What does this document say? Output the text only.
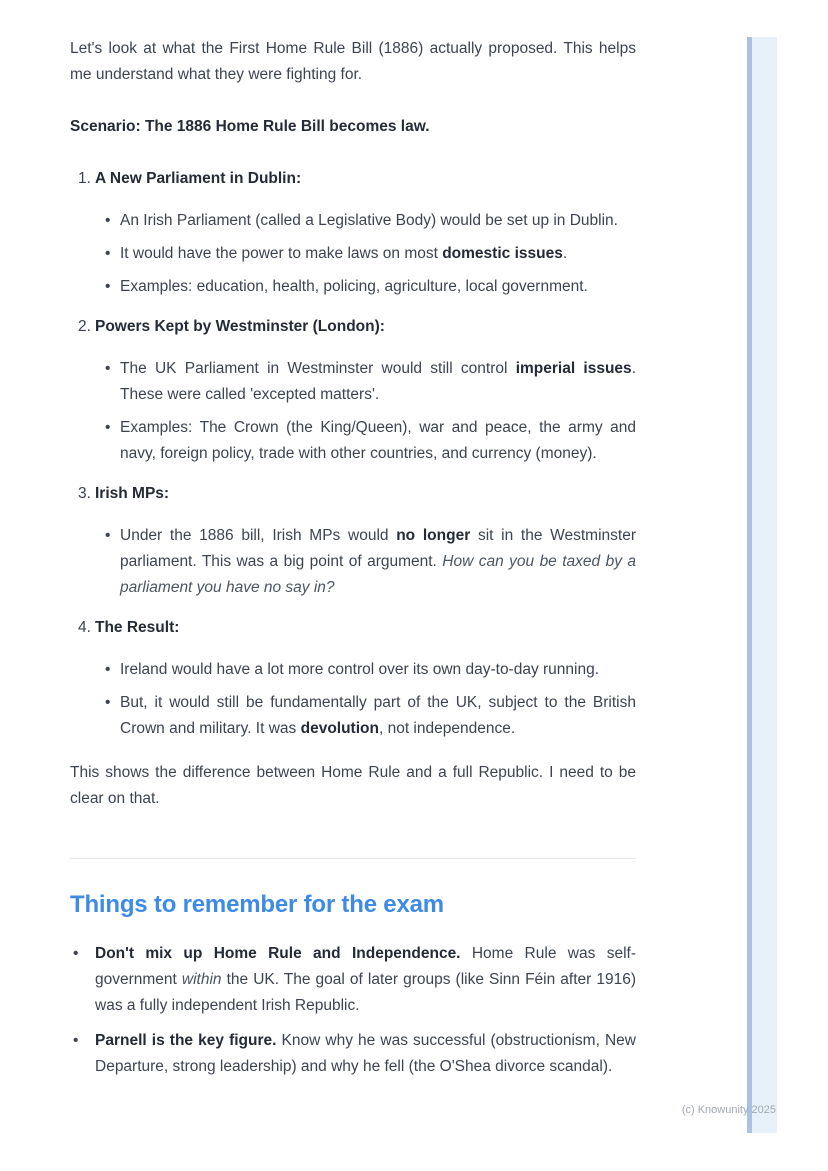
Let's look at what the First Home Rule Bill (1886) actually proposed. This helps me understand what they were fighting for.

Scenario: The 1886 Home Rule Bill becomes law.

1. A New Parliament in Dublin:
• An Irish Parliament (called a Legislative Body) would be set up in Dublin.
• It would have the power to make laws on most domestic issues.
• Examples: education, health, policing, agriculture, local government.
2. Powers Kept by Westminster (London):
• The UK Parliament in Westminster would still control imperial issues. These were called 'excepted matters'.
• Examples: The Crown (the King/Queen), war and peace, the army and navy, foreign policy, trade with other countries, and currency (money).
3. Irish MPs:
• Under the 1886 bill, Irish MPs would no longer sit in the Westminster parliament. This was a big point of argument. How can you be taxed by a parliament you have no say in?
4. The Result:
• Ireland would have a lot more control over its own day-to-day running.
• But, it would still be fundamentally part of the UK, subject to the British Crown and military. It was devolution, not independence.

This shows the difference between Home Rule and a full Republic. I need to be clear on that.

Things to remember for the exam
• Don't mix up Home Rule and Independence. Home Rule was self-government within the UK. The goal of later groups (like Sinn Féin after 1916) was a fully independent Irish Republic.
• Parnell is the key figure. Know why he was successful (obstructionism, New Departure, strong leadership) and why he fell (the O'Shea divorce scandal).
(c) Knowunity 2025
